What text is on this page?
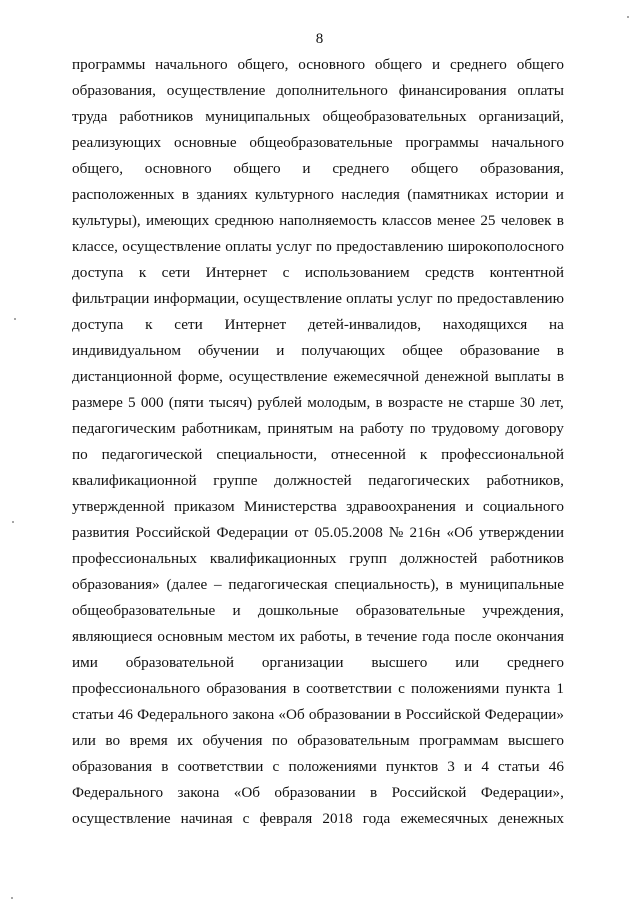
8
программы начального общего, основного общего и среднего общего
образования, осуществление дополнительного финансирования оплаты
труда работников муниципальных общеобразовательных организаций,
реализующих основные общеобразовательные программы начального
общего, основного общего и среднего общего образования,
расположенных в зданиях культурного наследия (памятниках истории и
культуры), имеющих среднюю наполняемость классов менее 25 человек в
классе, осуществление оплаты услуг по предоставлению широкополосного
доступа к сети Интернет с использованием средств контентной
фильтрации информации, осуществление оплаты услуг по предоставлению
доступа к сети Интернет детей-инвалидов, находящихся на
индивидуальном обучении и получающих общее образование в
дистанционной форме, осуществление ежемесячной денежной выплаты в
размере 5 000 (пяти тысяч) рублей молодым, в возрасте не старше 30 лет,
педагогическим работникам, принятым на работу по трудовому договору
по педагогической специальности, отнесенной к профессиональной
квалификационной группе должностей педагогических работников,
утвержденной приказом Министерства здравоохранения и социального
развития Российской Федерации от 05.05.2008 № 216н «Об утверждении
профессиональных квалификационных групп должностей работников
образования» (далее – педагогическая специальность), в муниципальные
общеобразовательные и дошкольные образовательные учреждения,
являющиеся основным местом их работы, в течение года после окончания
ими образовательной организации высшего или среднего
профессионального образования в соответствии с положениями пункта 1
статьи 46 Федерального закона «Об образовании в Российской Федерации»
или во время их обучения по образовательным программам высшего
образования в соответствии с положениями пунктов 3 и 4 статьи 46
Федерального закона «Об образовании в Российской Федерации»,
осуществление начиная с февраля 2018 года ежемесячных денежных
